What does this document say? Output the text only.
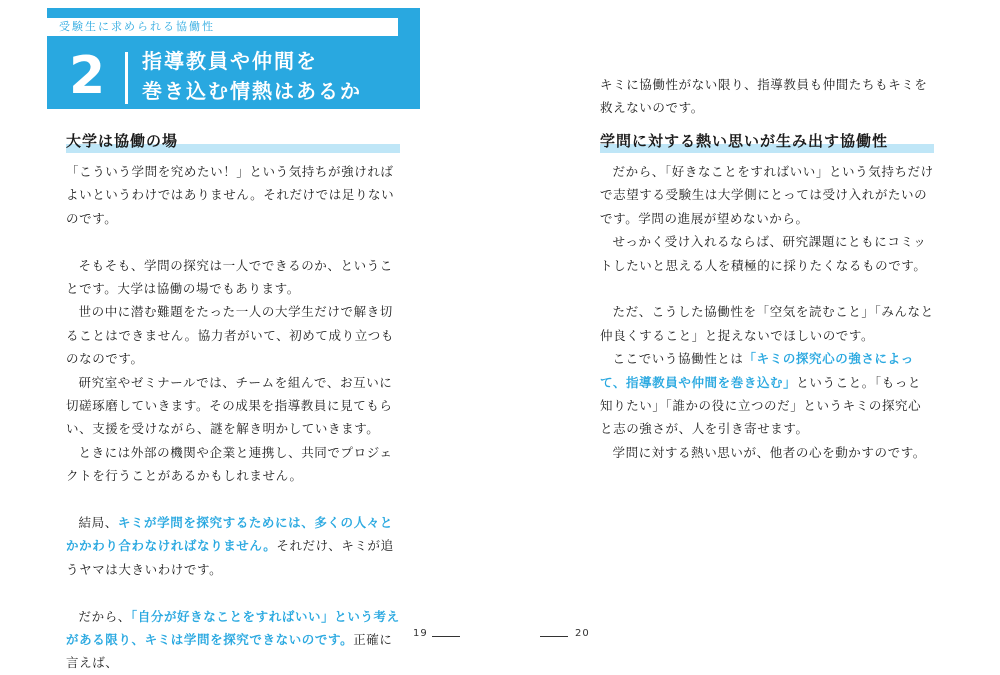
受験生に求められる協働性
2 指導教員や仲間を
巻き込む情熱はあるか
大学は協働の場

「こういう学問を究めたい！」という気持ちが強ければよいというわけではありません。それだけでは足りないのです。

そもそも、学問の探究は一人でできるのか、ということです。大学は協働の場でもあります。

世の中に潜む難題をたった一人の大学生だけで解き切ることはできません。協力者がいて、初めて成り立つものなのです。

研究室やゼミナールでは、チームを組んで、お互いに切磋琢磨していきます。その成果を指導教員に見てもらい、支援を受けながら、謎を解き明かしていきます。

ときには外部の機関や企業と連携し、共同でプロジェクトを行うことがあるかもしれません。

結局、キミが学問を探究するためには、多くの人々とかかわり合わなければなりません。それだけ、キミが追うヤマは大きいわけです。

だから、「自分が好きなことをすればいい」という考えがある限り、キミは学問を探究できないのです。正確に言えば、

19

キミに協働性がない限り、指導教員も仲間たちもキミを救えないのです。

学問に対する熱い思いが生み出す協働性

だから、「好きなことをすればいい」という気持ちだけで志望する受験生は大学側にとっては受け入れがたいのです。学問の進展が望めないから。

せっかく受け入れるならば、研究課題にともにコミットしたいと思える人を積極的に採りたくなるものです。

ただ、こうした協働性を「空気を読むこと」「みんなと仲良くすること」と捉えないでほしいのです。

ここでいう協働性とは「キミの探究心の強さによって、指導教員や仲間を巻き込む」ということ。「もっと知りたい」「誰かの役に立つのだ」というキミの探究心と志の強さが、人を引き寄せます。

学問に対する熱い思いが、他者の心を動かすのです。

20
